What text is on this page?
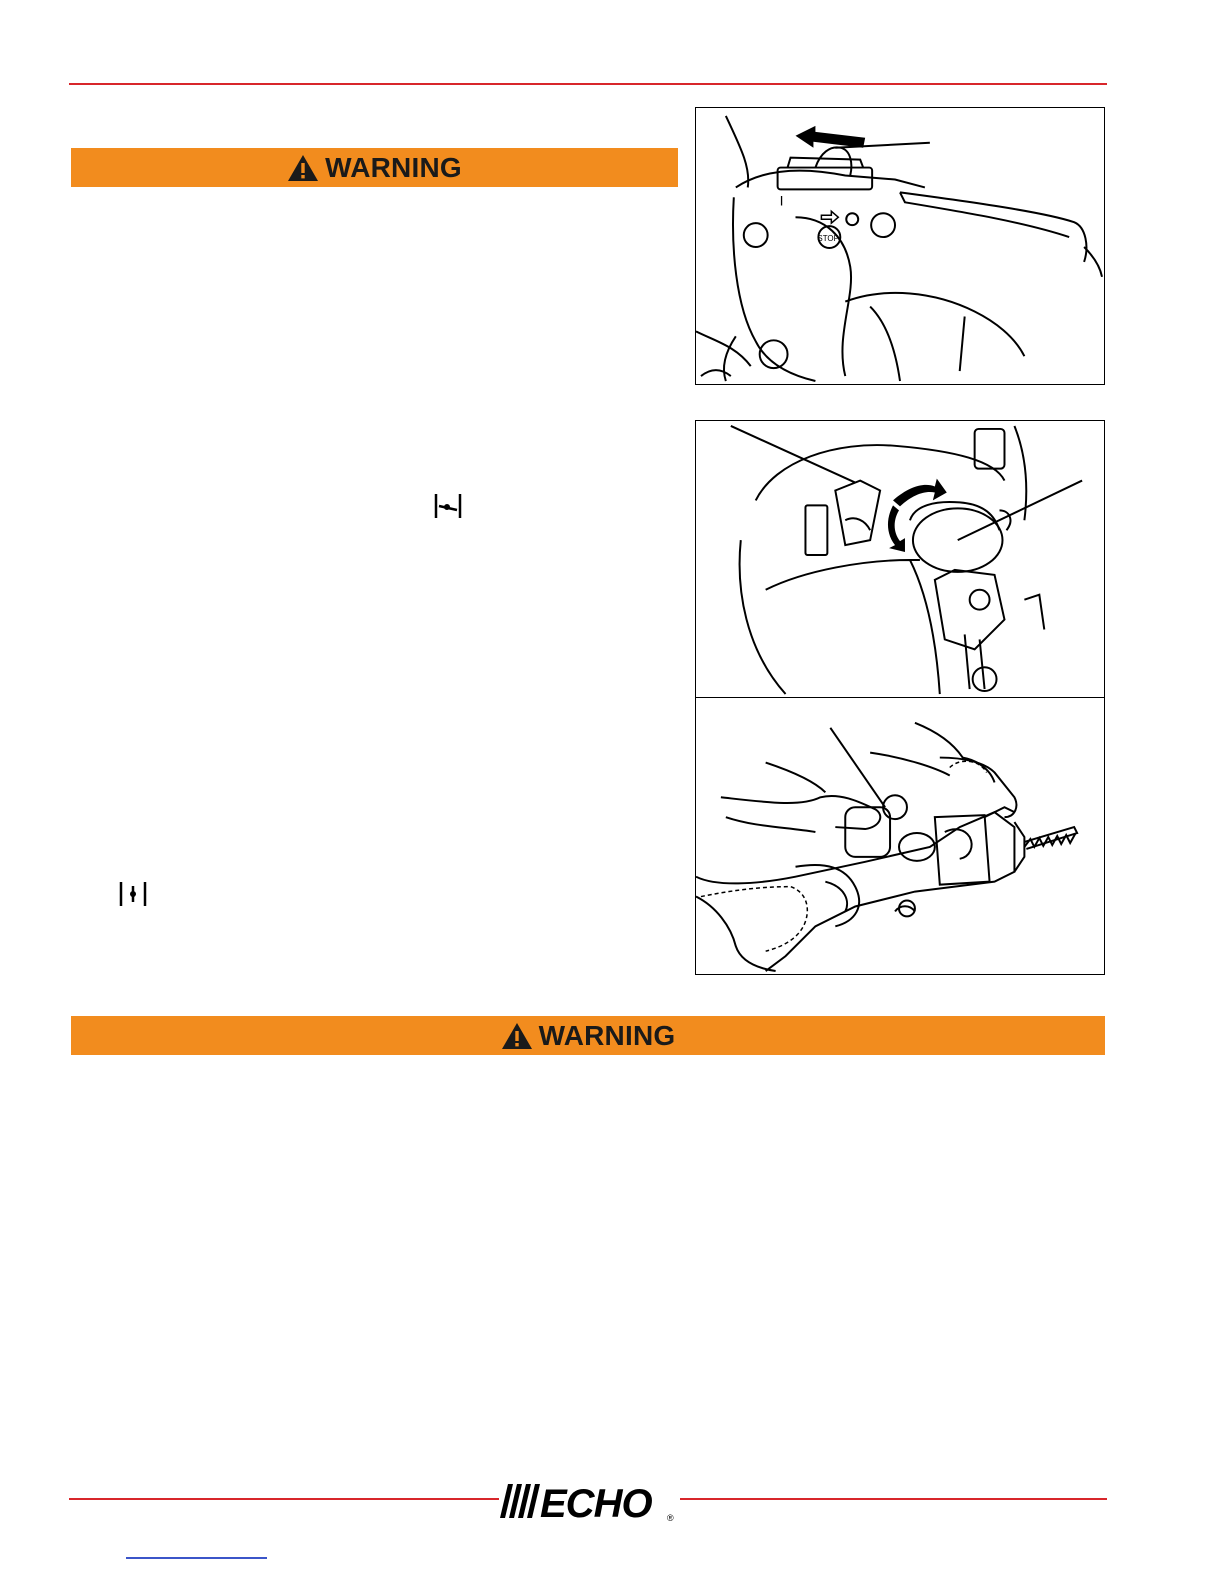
WARNING
I
STOP
WARNING
ECHO ®
